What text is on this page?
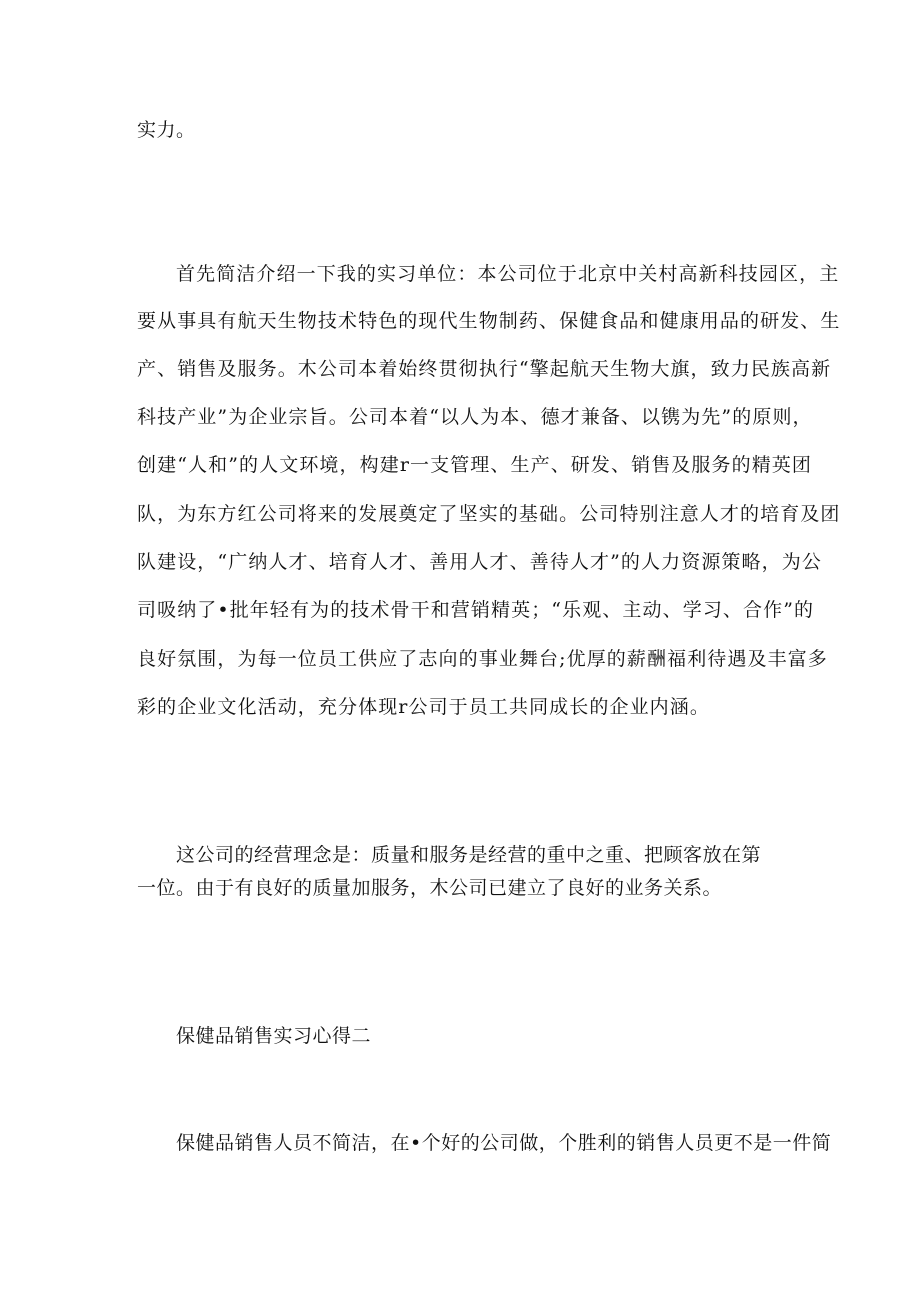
实力。
首先简洁介绍一下我的实习单位：本公司位于北京中关村高新科技园区，主
要从事具有航天生物技术特色的现代生物制药、保健食品和健康用品的研发、生
产、销售及服务。木公司本着始终贯彻执行“擎起航天生物大旗，致力民族高新
科技产业”为企业宗旨。公司本着“以人为本、德才兼备、以镌为先”的原则，
创建“人和”的人文环境，构建r一支管理、生产、研发、销售及服务的精英团
队，为东方红公司将来的发展奠定了坚实的基础。公司特别注意人才的培育及团
队建设，“广纳人才、培育人才、善用人才、善待人才”的人力资源策略，为公
司吸纳了•批年轻有为的技术骨干和营销精英；“乐观、主动、学习、合作”的
良好氛围，为每一位员工供应了志向的事业舞台;优厚的薪酬福利待遇及丰富多
彩的企业文化活动，充分体现r公司于员工共同成长的企业内涵。
这公司的经营理念是：质量和服务是经营的重中之重、把顾客放在第
一位。由于有良好的质量加服务，木公司已建立了良好的业务关系。
保健品销售实习心得二
保健品销售人员不简洁，在•个好的公司做，个胜利的销售人员更不是一件简
